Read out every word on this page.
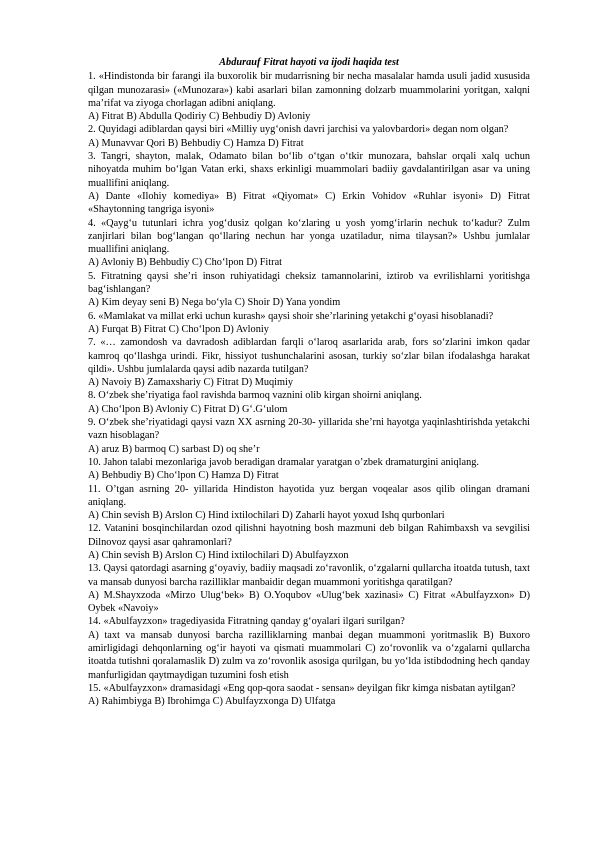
Abdurauf Fitrat hayoti va ijodi haqida test

1. «Hindistonda bir farangi ila buxorolik bir mudarrisning bir necha masalalar hamda usuli jadid xususida qilgan munozarasi» («Munozara») kabi asarlari bilan zamonning dolzarb muammolarini yoritgan, xalqni maʼrifat va ziyoga chorlagan adibni aniqlang.

A) Fitrat B) Abdulla Qodiriy C) Behbudiy D) Avloniy

2. Quyidagi adiblardan qaysi biri «Milliy uyg‘onish davri jarchisi va yalovbardori» degan nom olgan?

A) Munavvar Qori B) Behbudiy C) Hamza D) Fitrat

3. Tangri, shayton, malak, Odamato bilan bo‘lib o‘tgan o‘tkir munozara, bahslar orqali xalq uchun nihoyatda muhim bo‘lgan Vatan erki, shaxs erkinligi muammolari badiiy gavdalantirilgan asar va uning muallifini aniqlang.

A) Dante «Ilohiy komediya» B) Fitrat «Qiyomat» C) Erkin Vohidov «Ruhlar isyoni» D) Fitrat «Shaytonning tangriga isyoni»

4. «Qayg‘u tutunlari ichra yog‘dusiz qolgan ko‘zlaring u yosh yomg‘irlarin nechuk to‘kadur? Zulm zanjirlari bilan bog‘langan qo‘llaring nechun har yonga uzatiladur, nima tilaysan?» Ushbu jumlalar muallifini aniqlang.

A) Avloniy B) Behbudiy C) Cho‘lpon D) Fitrat

5. Fitratning qaysi she’ri inson ruhiyatidagi cheksiz tamannolarini, iztirob va evrilishlarni yoritishga bag‘ishlangan?

A) Kim deyay seni B) Nega bo‘yla C) Shoir D) Yana yondim

6. «Mamlakat va millat erki uchun kurash» qaysi shoir she’rlarining yetakchi g‘oyasi hisoblanadi?

A) Furqat B) Fitrat C) Cho‘lpon D) Avloniy

7. «… zamondosh va davradosh adiblardan farqli o‘laroq asarlarida arab, fors so‘zlarini imkon qadar kamroq qo‘llashga urindi. Fikr, hissiyot tushunchalarini asosan, turkiy so‘zlar bilan ifodalashga harakat qildi». Ushbu jumlalarda qaysi adib nazarda tutilgan?

A) Navoiy B) Zamaxshariy C) Fitrat D) Muqimiy

8. O‘zbek she’riyatiga faol ravishda barmoq vaznini olib kirgan shoirni aniqlang.

A) Cho‘lpon B) Avloniy C) Fitrat D) G‘.G‘ulom

9. O‘zbek she’riyatidagi qaysi vazn XX asrning 20-30- yillarida she’rni hayotga yaqinlashtirishda yetakchi vazn hisoblagan?

A) aruz B) barmoq C) sarbast D) oq she’r

10. Jahon talabi mezonlariga javob beradigan dramalar yaratgan o’zbek dramaturgini aniqlang.

A) Behbudiy B) Cho‘lpon C) Hamza D) Fitrat

11. O’tgan asrning 20- yillarida Hindiston hayotida yuz bergan voqealar asos qilib olingan dramani aniqlang.

A) Chin sevish B) Arslon C) Hind ixtilochilari D) Zaharli hayot yoxud Ishq qurbonlari

12. Vatanini bosqinchilardan ozod qilishni hayotning bosh mazmuni deb bilgan Rahimbaxsh va sevgilisi Dilnovoz qaysi asar qahramonlari?

A) Chin sevish B) Arslon C) Hind ixtilochilari D) Abulfayzxon

13. Qaysi qatordagi asarning g‘oyaviy, badiiy maqsadi zo‘ravonlik, o‘zgalarni qullarcha itoatda tutush, taxt va mansab dunyosi barcha razilliklar manbaidir degan muammoni yoritishga qaratilgan?

A) M.Shayxzoda «Mirzo Ulug‘bek» B) O.Yoqubov «Ulug‘bek xazinasi» C) Fitrat «Abulfayzxon» D) Oybek «Navoiy»

14. «Abulfayzxon» tragediyasida Fitratning qanday g‘oyalari ilgari surilgan?

A) taxt va mansab dunyosi barcha razilliklarning manbai degan muammoni yoritmaslik B) Buxoro amirligidagi dehqonlarning og‘ir hayoti va qismati muammolari C) zo‘rovonlik va o‘zgalarni qullarcha itoatda tutishni qoralamaslik D) zulm va zo‘rovonlik asosiga qurilgan, bu yo‘lda istibdodning hech qanday manfurligidan qaytmaydigan tuzumini fosh etish

15. «Abulfayzxon» dramasidagi «Eng qop-qora saodat - sensan» deyilgan fikr kimga nisbatan aytilgan?

A) Rahimbiyga B) Ibrohimga C) Abulfayzxonga D) Ulfatga
